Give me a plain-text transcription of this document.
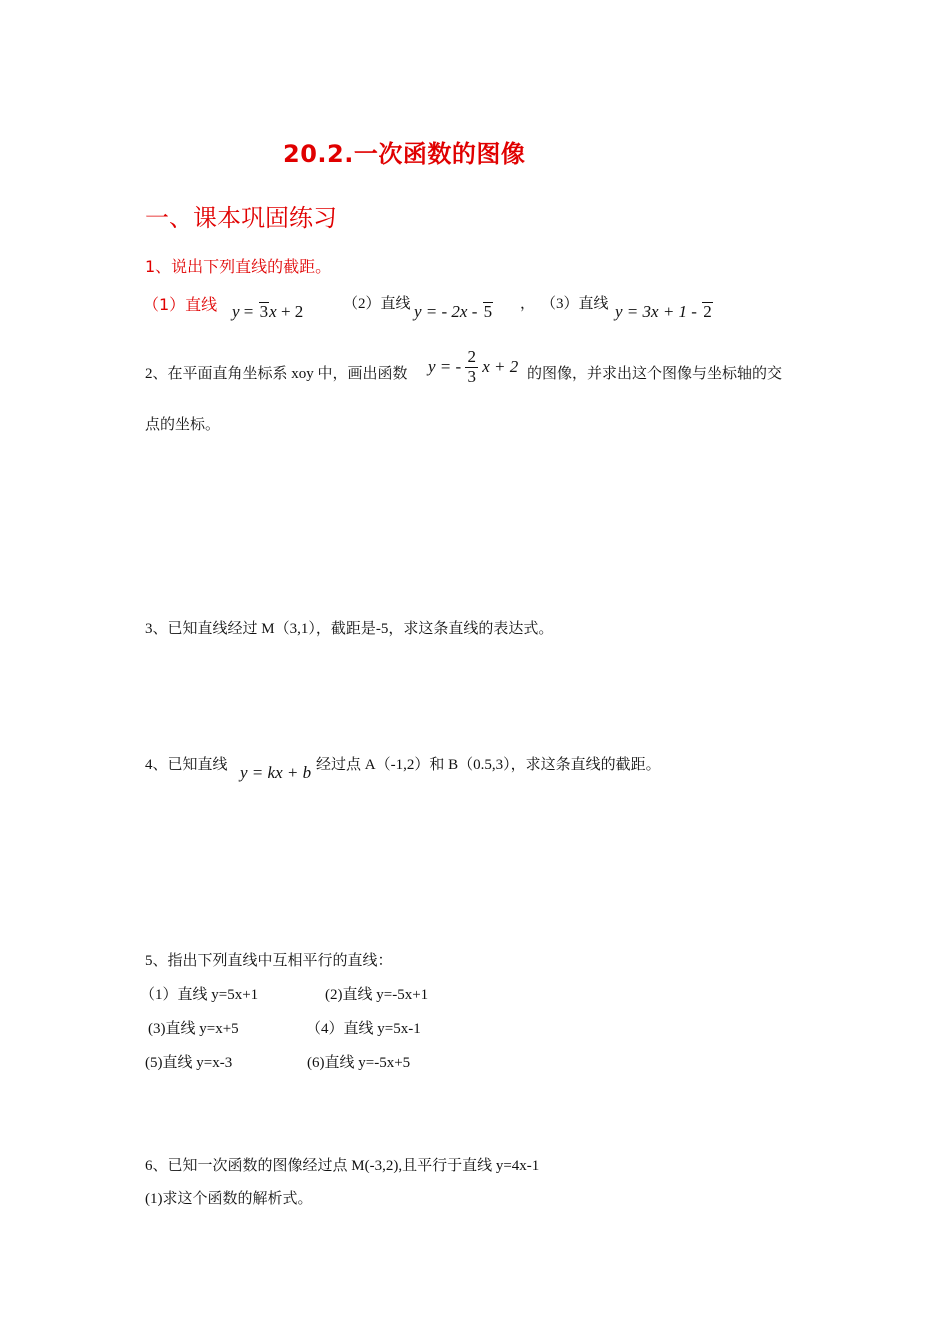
20.2.一次函数的图像
一、课本巩固练习
1、说出下列直线的截距。
（1）直线 y = 3x + 2	（2）直线 y = - 2x - 5 ， （3）直线 y = 3x + 1 - 2
2、在平面直角坐标系 xoy 中，画出函数 y = - $\frac{2}{3}$ x + 2 的图像，并求出这个图像与坐标轴的交
点的坐标。
3、已知直线经过 M（3,1），截距是-5，求这条直线的表达式。
4、已知直线 y = kx + b 经过点 A（-1,2）和 B（0.5,3），求这条直线的截距。
5、指出下列直线中互相平行的直线：
（1）直线 y=5x+1	(2)直线 y=-5x+1
(3)直线 y=x+5	（4）直线 y=5x-1
(5)直线 y=x-3	(6)直线 y=-5x+5
6、已知一次函数的图像经过点 M(-3,2),且平行于直线 y=4x-1
(1)求这个函数的解析式。
